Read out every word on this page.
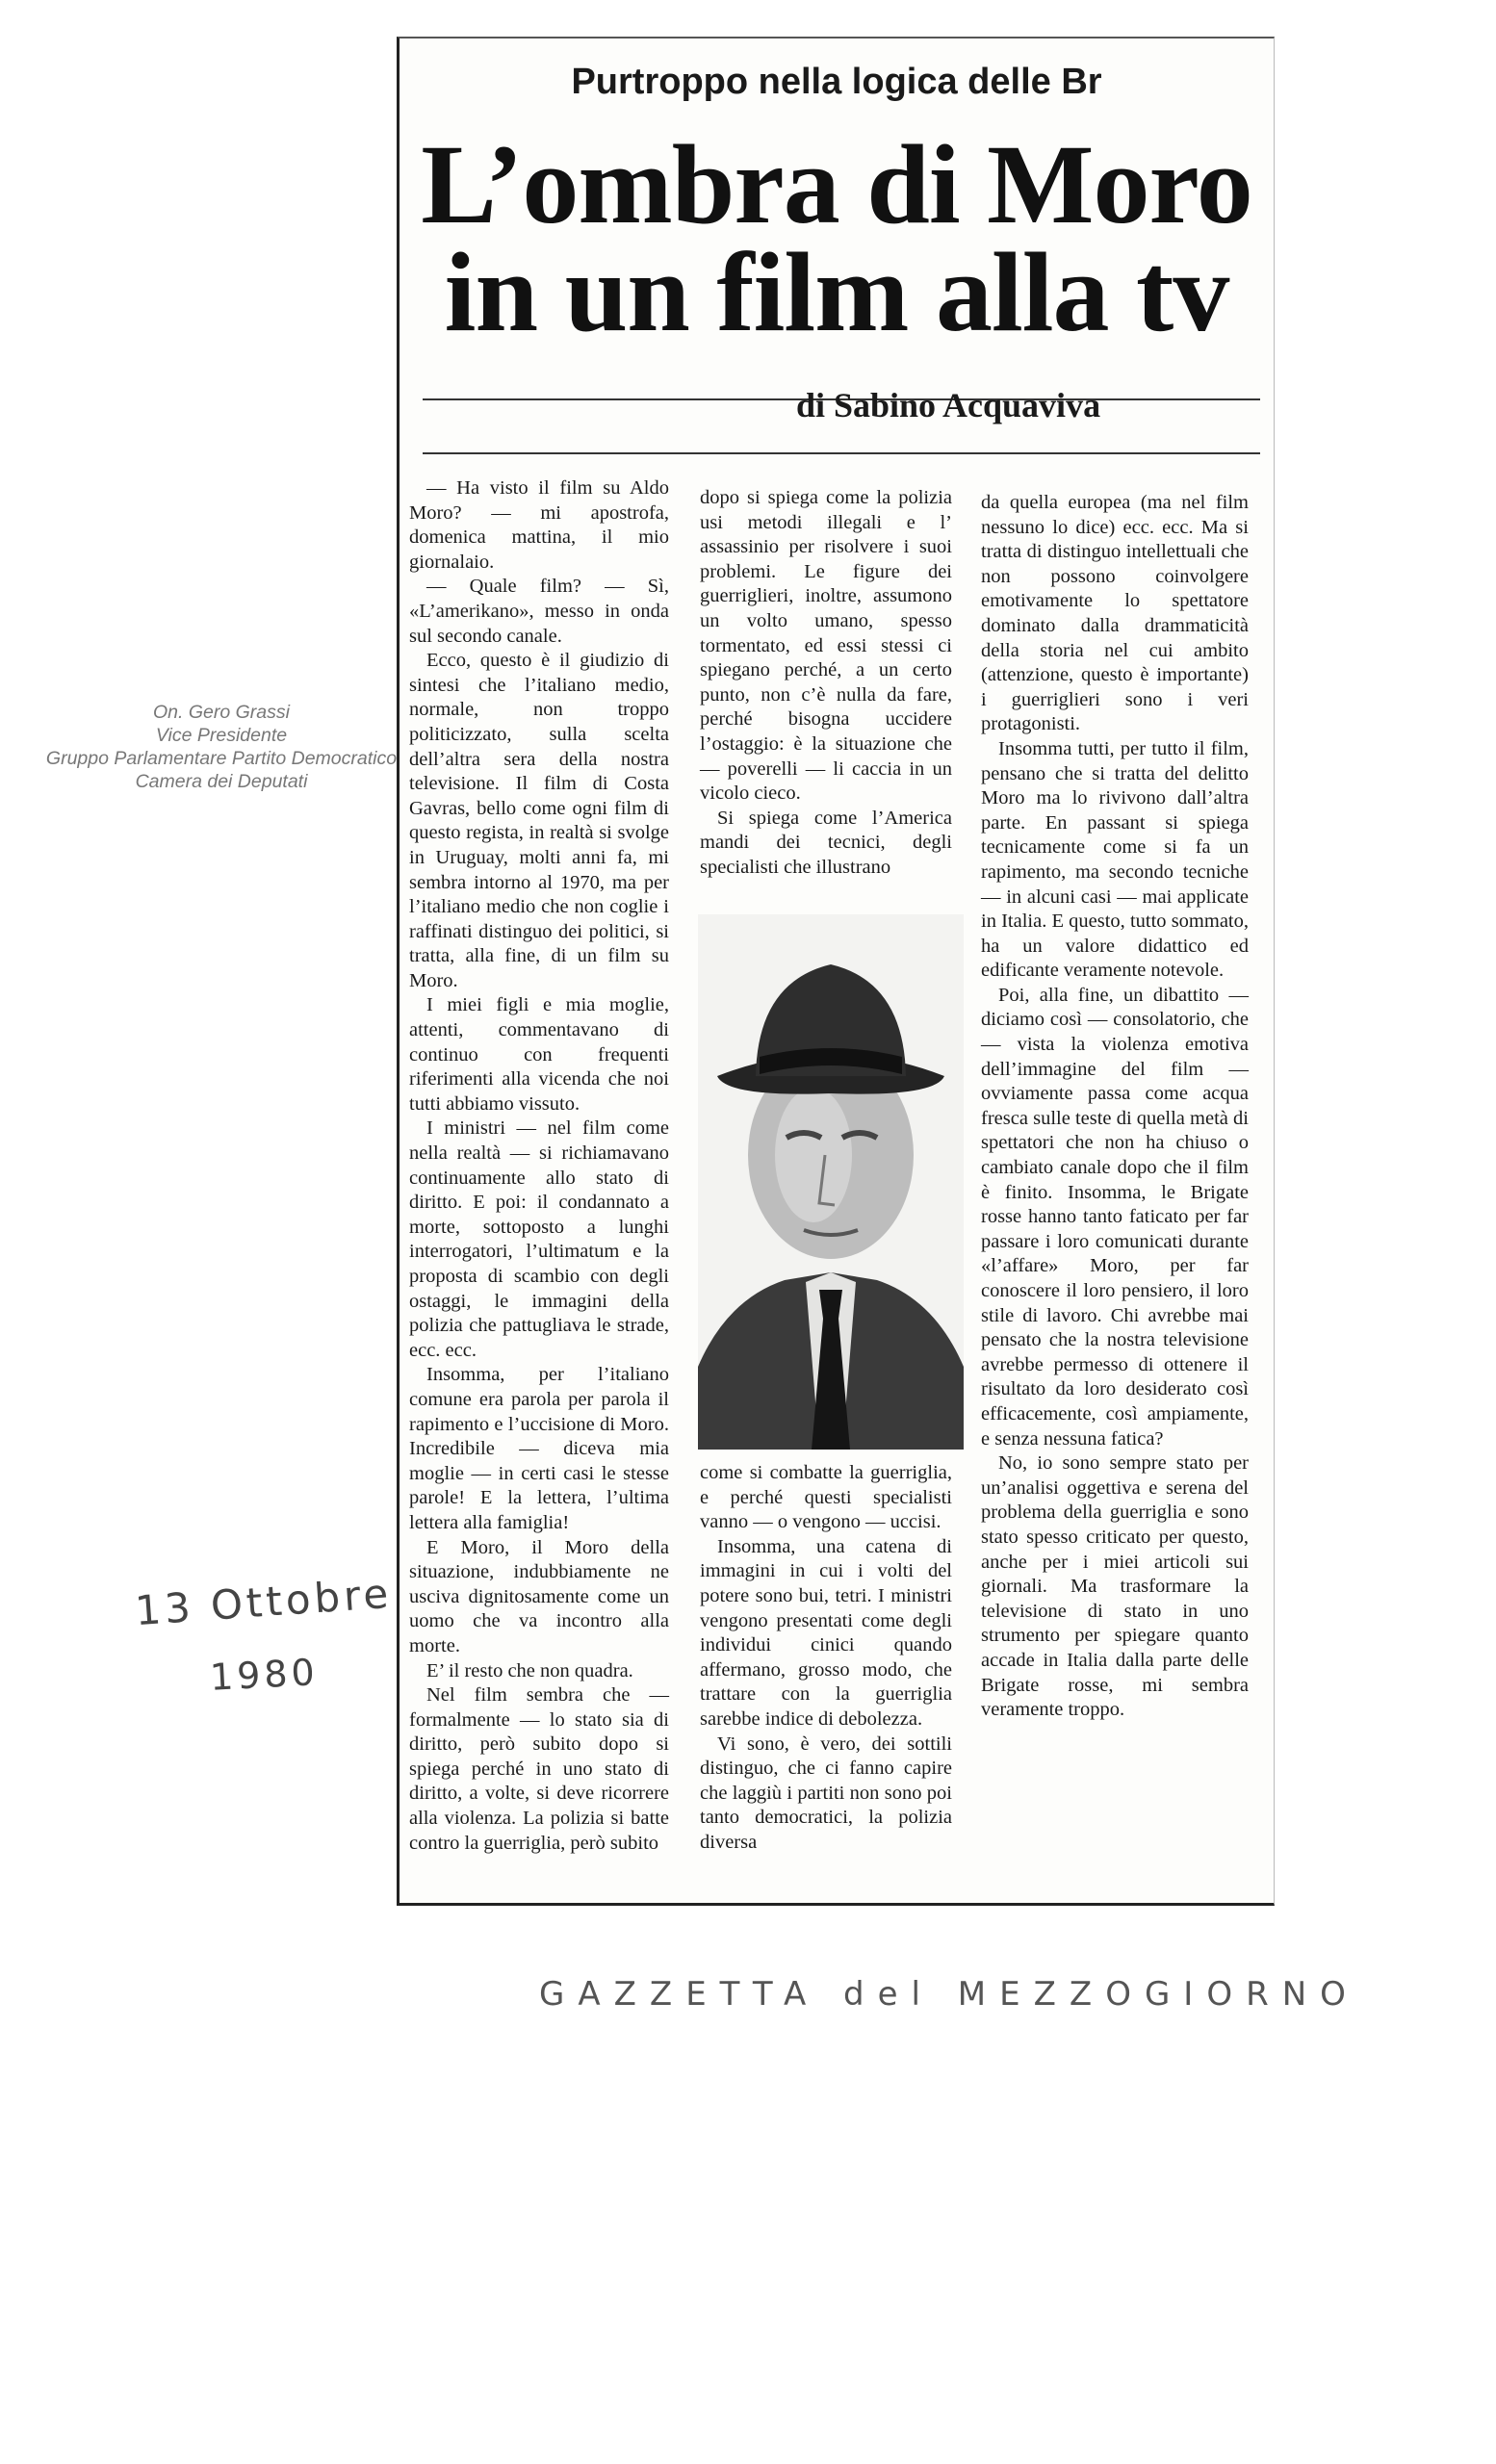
On. Gero Grassi
Vice Presidente
Gruppo Parlamentare Partito Democratico
Camera dei Deputati
Purtroppo nella logica delle Br
L’ombra di Moro
in un film alla tv
di Sabino Acquaviva

— Ha visto il film su Aldo Moro? — mi apostrofa, domenica mattina, il mio giornalaio.

— Quale film? — Sì, «L’amerikano», messo in onda sul secondo canale.

Ecco, questo è il giudizio di sintesi che l’italiano medio, normale, non troppo politicizzato, sulla scelta dell’altra sera della nostra televisione. Il film di Costa Gavras, bello come ogni film di questo regista, in realtà si svolge in Uruguay, molti anni fa, mi sembra intorno al 1970, ma per l’italiano medio che non coglie i raffinati distinguo dei politici, si tratta, alla fine, di un film su Moro.

I miei figli e mia moglie, attenti, commentavano di continuo con frequenti riferimenti alla vicenda che noi tutti abbiamo vissuto.

I ministri — nel film come nella realtà — si richiamavano continuamente allo stato di diritto. E poi: il condannato a morte, sottoposto a lunghi interrogatori, l’ultimatum e la proposta di scambio con degli ostaggi, le immagini della polizia che pattugliava le strade, ecc. ecc.

Insomma, per l’italiano comune era parola per parola il rapimento e l’uccisione di Moro. Incredibile — diceva mia moglie — in certi casi le stesse parole! E la lettera, l’ultima lettera alla famiglia!

E Moro, il Moro della situazione, indubbiamente ne usciva dignitosamente come un uomo che va incontro alla morte.

E’ il resto che non quadra.

Nel film sembra che — formalmente — lo stato sia di diritto, però subito dopo si spiega perché in uno stato di diritto, a volte, si deve ricorrere alla violenza. La polizia si batte contro la guerriglia, però subito

dopo si spiega come la polizia usi metodi illegali e l’ assassinio per risolvere i suoi problemi. Le figure dei guerriglieri, inoltre, assumono un volto umano, spesso tormentato, ed essi stessi ci spiegano perché, a un certo punto, non c’è nulla da fare, perché bisogna uccidere l’ostaggio: è la situazione che — poverelli — li caccia in un vicolo cieco.

Si spiega come l’America mandi dei tecnici, degli specialisti che illustrano

come si combatte la guerriglia, e perché questi specialisti vanno — o vengono — uccisi.

Insomma, una catena di immagini in cui i volti del potere sono bui, tetri. I ministri vengono presentati come degli individui cinici quando affermano, grosso modo, che trattare con la guerriglia sarebbe indice di debolezza.

Vi sono, è vero, dei sottili distinguo, che ci fanno capire che laggiù i partiti non sono poi tanto democratici, la polizia diversa

da quella europea (ma nel film nessuno lo dice) ecc. ecc. Ma si tratta di distinguo intellettuali che non possono coinvolgere emotivamente lo spettatore dominato dalla drammaticità della storia nel cui ambito (attenzione, questo è importante) i guerriglieri sono i veri protagonisti.

Insomma tutti, per tutto il film, pensano che si tratta del delitto Moro ma lo rivivono dall’altra parte. En passant si spiega tecnicamente come si fa un rapimento, ma secondo tecniche — in alcuni casi — mai applicate in Italia. E questo, tutto sommato, ha un valore didattico ed edificante veramente notevole.

Poi, alla fine, un dibattito — diciamo così — consolatorio, che — vista la violenza emotiva dell’immagine del film — ovviamente passa come acqua fresca sulle teste di quella metà di spettatori che non ha chiuso o cambiato canale dopo che il film è finito. Insomma, le Brigate rosse hanno tanto faticato per far passare i loro comunicati durante «l’affare» Moro, per far conoscere il loro pensiero, il loro stile di lavoro. Chi avrebbe mai pensato che la nostra televisione avrebbe permesso di ottenere il risultato da loro desiderato così efficacemente, così ampiamente, e senza nessuna fatica?

No, io sono sempre stato per un’analisi oggettiva e serena del problema della guerriglia e sono stato spesso criticato per questo, anche per i miei articoli sui giornali. Ma trasformare la televisione di stato in uno strumento per spiegare quanto accade in Italia dalla parte delle Brigate rosse, mi sembra veramente troppo.

13 Ottobre
1980
GAZZETTA del MEZZOGIORNO
